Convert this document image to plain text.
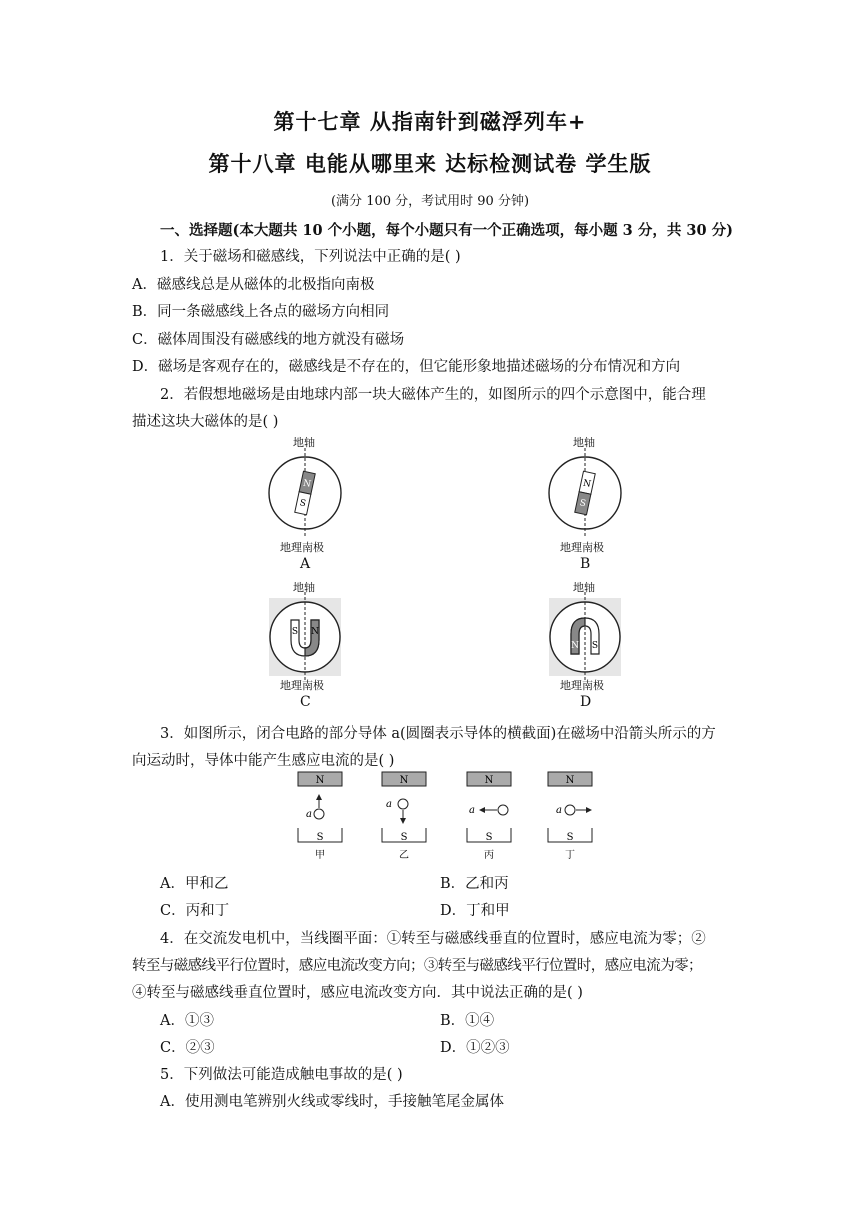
第十七章 从指南针到磁浮列车+
第十八章 电能从哪里来 达标检测试卷 学生版
(满分 100 分，考试用时 90 分钟)
一、选择题(本大题共 10 个小题，每个小题只有一个正确选项，每小题 3 分，共 30 分)
1．关于磁场和磁感线，下列说法中正确的是( )
A．磁感线总是从磁体的北极指向南极
B．同一条磁感线上各点的磁场方向相同
C．磁体周围没有磁感线的地方就没有磁场
D．磁场是客观存在的，磁感线是不存在的，但它能形象地描述磁场的分布情况和方向
2．若假想地磁场是由地球内部一块大磁体产生的，如图所示的四个示意图中，能合理
描述这块大磁体的是( )
地轴
N
S
地理南极
A
地轴
N
S
地理南极
B
地轴
S N
地理南极
C
地轴
N S
地理南极
D
3．如图所示，闭合电路的部分导体 a(圆圈表示导体的横截面)在磁场中沿箭头所示的方
向运动时，导体中能产生感应电流的是( )
N
a
S
甲
N
a
S
乙
N
a
S
丙
N
a
S
丁
A．甲和乙	B．乙和丙
C．丙和丁	D．丁和甲
4．在交流发电机中，当线圈平面：①转至与磁感线垂直的位置时，感应电流为零；②
转至与磁感线平行位置时，感应电流改变方向；③转至与磁感线平行位置时，感应电流为零；
④转至与磁感线垂直位置时，感应电流改变方向．其中说法正确的是( )
A．①③	B．①④
C．②③	D．①②③
5．下列做法可能造成触电事故的是( )
A．使用测电笔辨别火线或零线时，手接触笔尾金属体
